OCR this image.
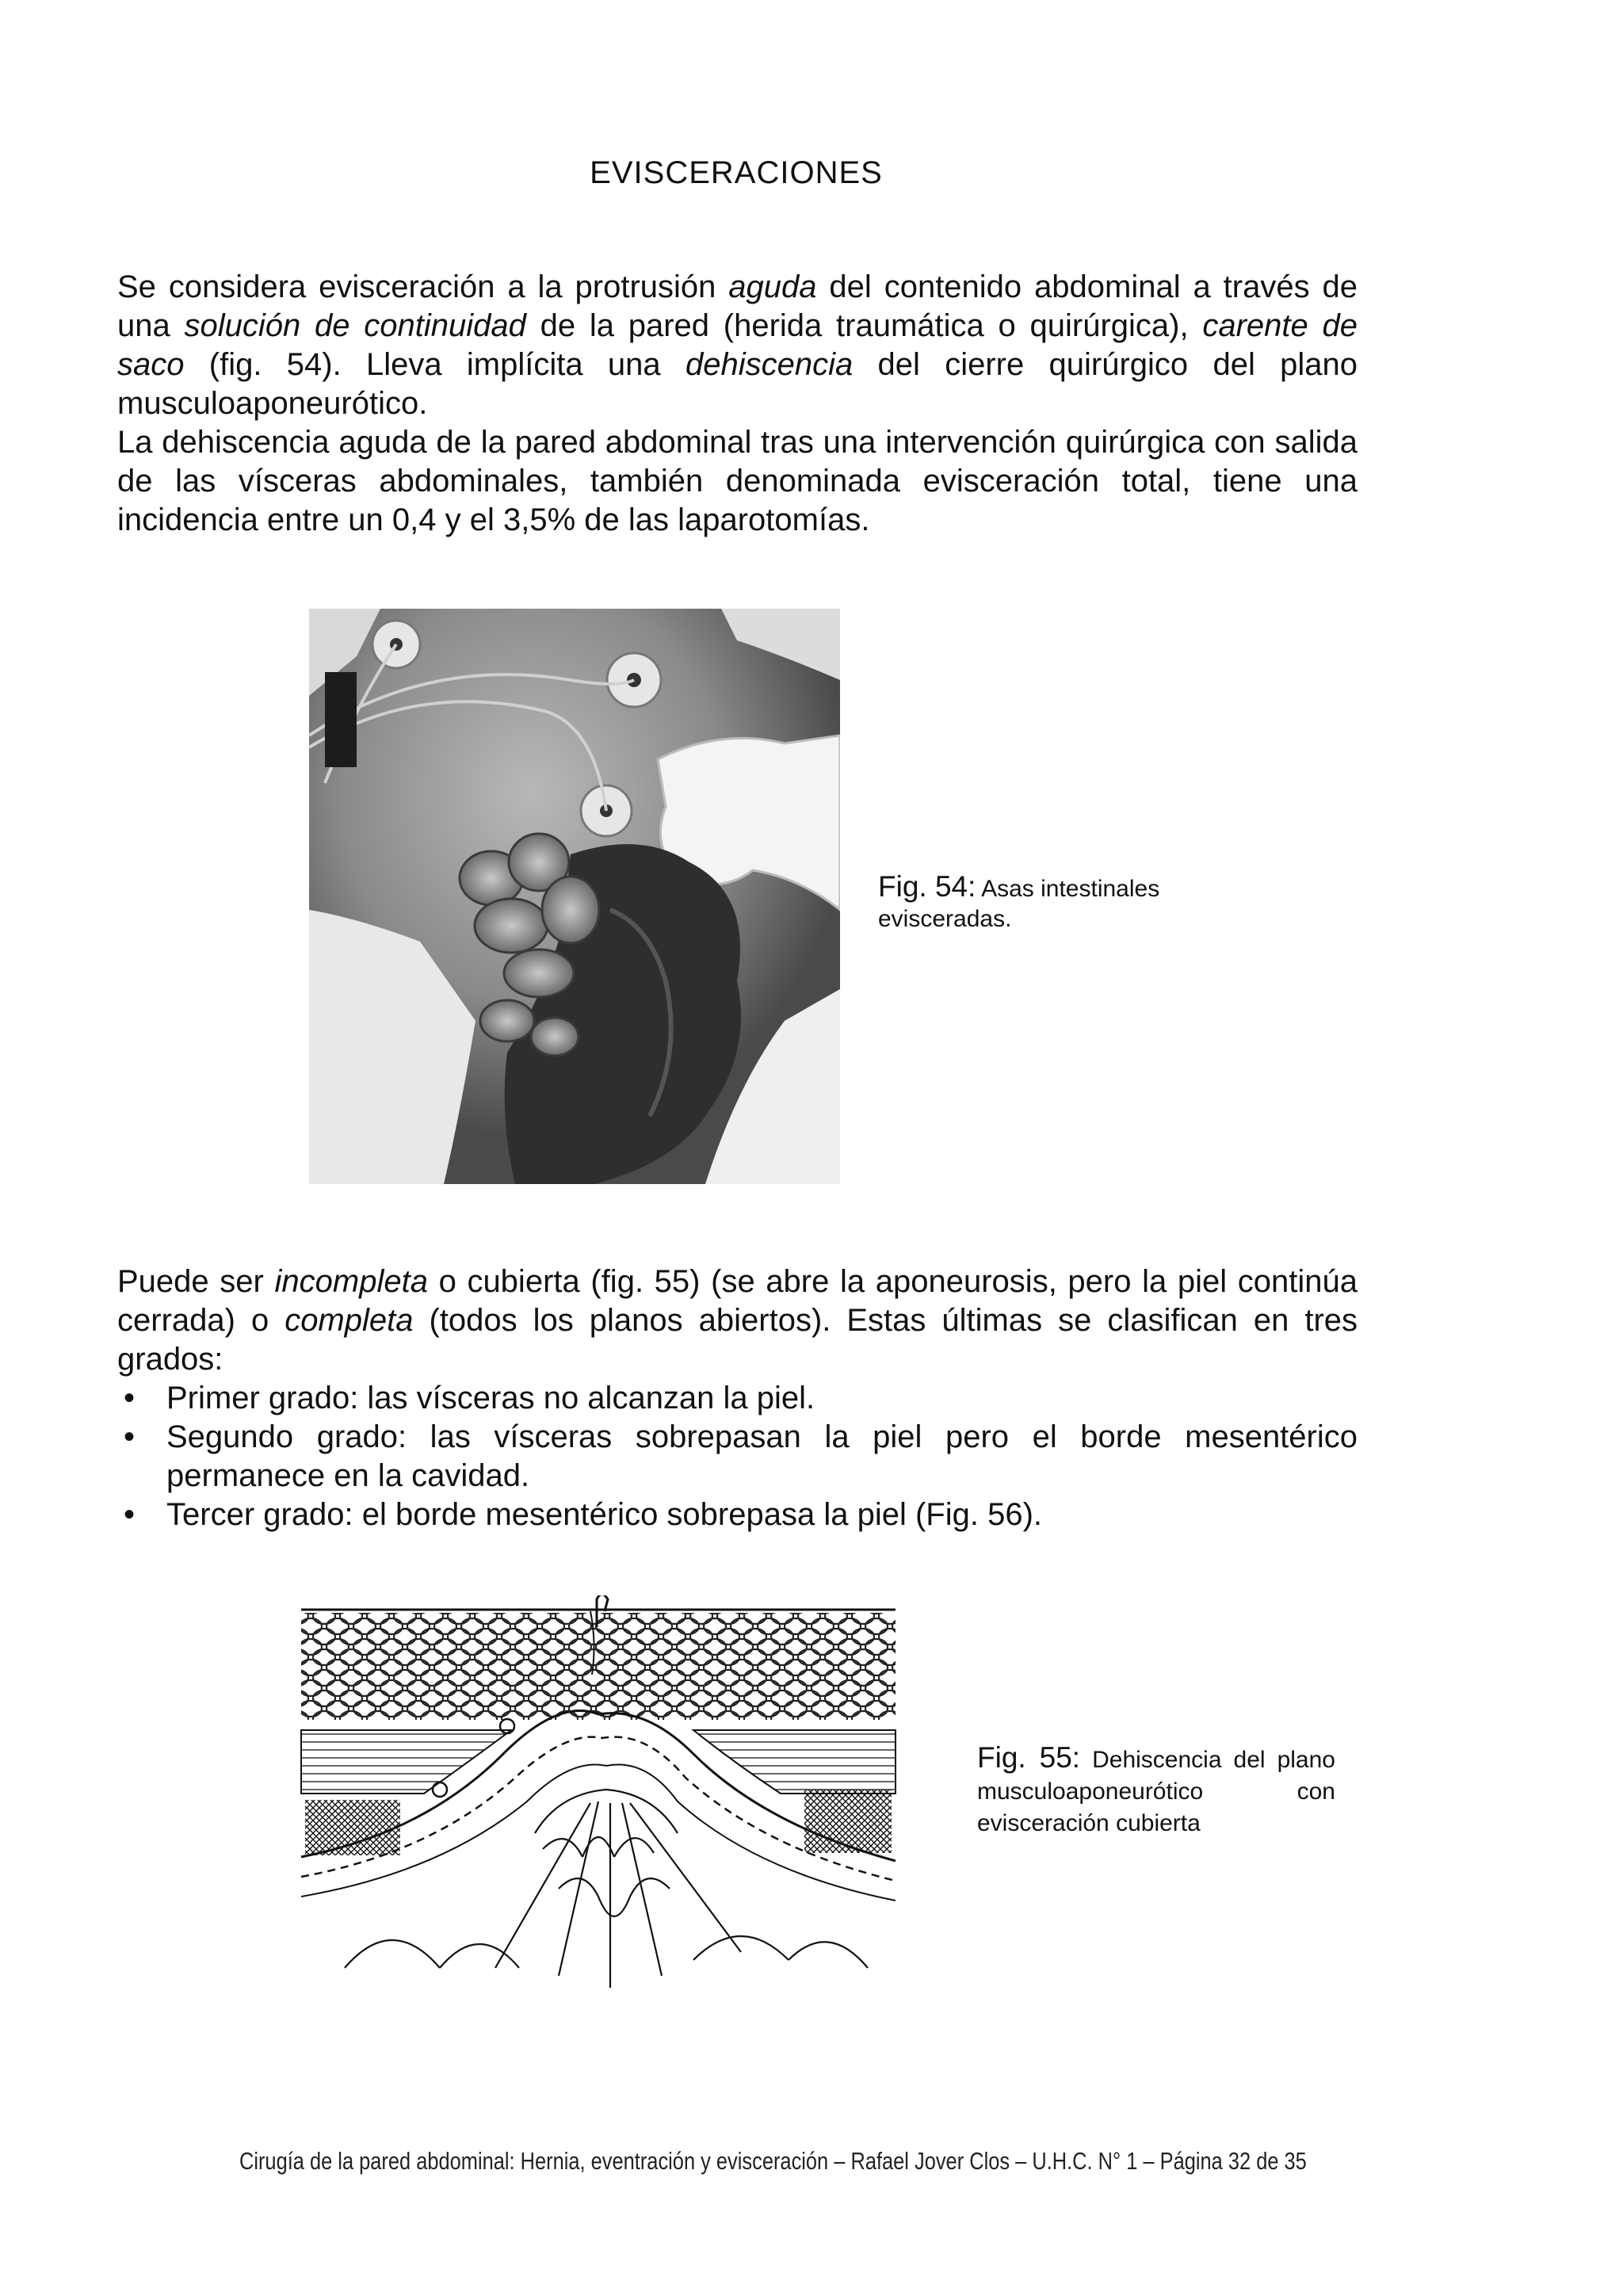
EVISCERACIONES

Se considera evisceración a la protrusión aguda del contenido abdominal a través de una solución de continuidad de la pared (herida traumática o quirúrgica), carente de saco (fig. 54). Lleva implícita una dehiscencia del cierre quirúrgico del plano musculoaponeurótico.

La dehiscencia aguda de la pared abdominal tras una intervención quirúrgica con salida de las vísceras abdominales, también denominada evisceración total, tiene una incidencia entre un 0,4 y el 3,5% de las laparotomías.

Fig. 54: Asas intestinales
evisceradas.

Puede ser incompleta o cubierta (fig. 55) (se abre la aponeurosis, pero la piel continúa cerrada) o completa (todos los planos abiertos). Estas últimas se clasifican en tres grados:

• Primer grado: las vísceras no alcanzan la piel.
• Segundo grado: las vísceras sobrepasan la piel pero el borde mesentérico permanece en la cavidad.
• Tercer grado: el borde mesentérico sobrepasa la piel (Fig. 56).
Fig. 55: Dehiscencia del plano musculoaponeurótico con evisceración cubierta
Cirugía de la pared abdominal: Hernia, eventración y evisceración – Rafael Jover Clos – U.H.C. N° 1 – Página 32 de 35
